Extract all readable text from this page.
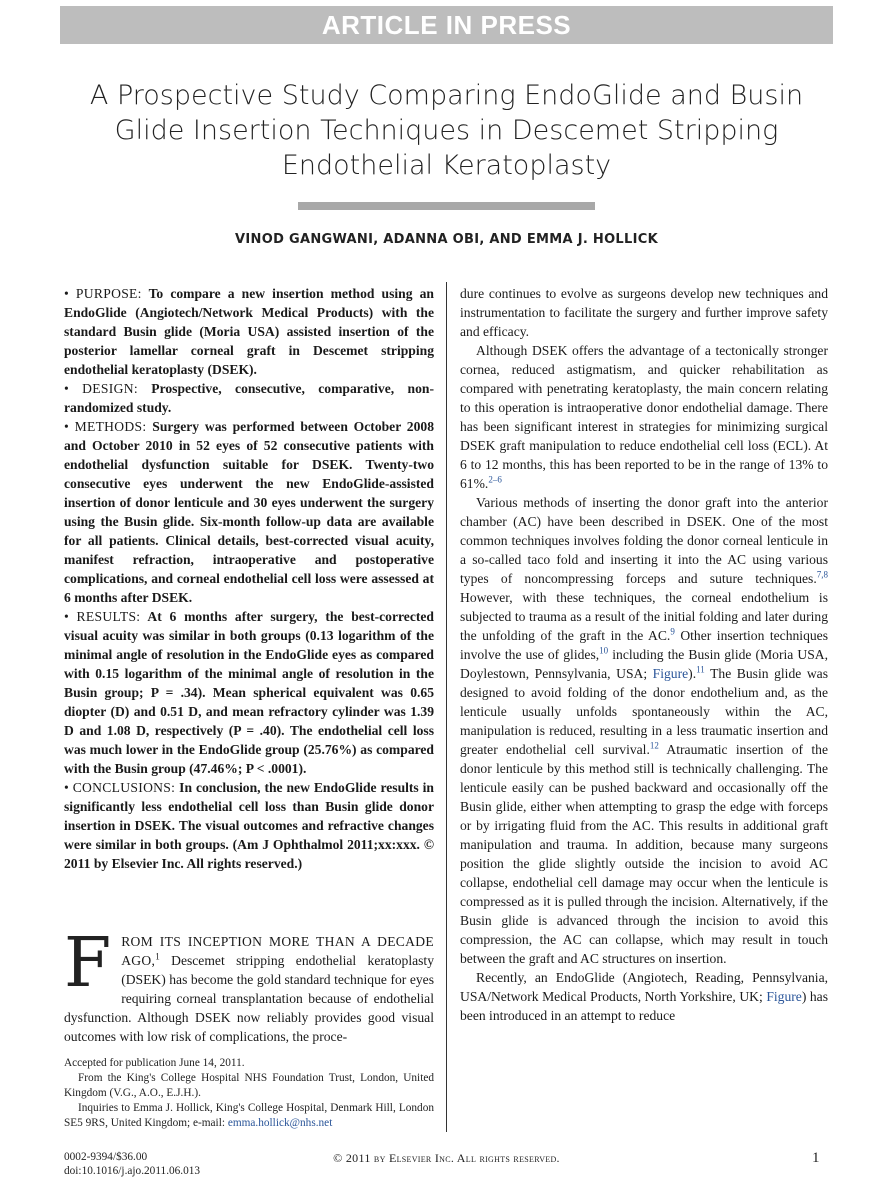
ARTICLE IN PRESS
A Prospective Study Comparing EndoGlide and Busin
Glide Insertion Techniques in Descemet Stripping
Endothelial Keratoplasty
VINOD GANGWANI, ADANNA OBI, AND EMMA J. HOLLICK

• PURPOSE: To compare a new insertion method using an EndoGlide (Angiotech/Network Medical Products) with the standard Busin glide (Moria USA) assisted insertion of the posterior lamellar corneal graft in Descemet stripping endothelial keratoplasty (DSEK).

• DESIGN: Prospective, consecutive, comparative, non-randomized study.

• METHODS: Surgery was performed between October 2008 and October 2010 in 52 eyes of 52 consecutive patients with endothelial dysfunction suitable for DSEK. Twenty-two consecutive eyes underwent the new EndoGlide-assisted insertion of donor lenticule and 30 eyes underwent the surgery using the Busin glide. Six-month follow-up data are available for all patients. Clinical details, best-corrected visual acuity, manifest refraction, intraoperative and postoperative complications, and corneal endothelial cell loss were assessed at 6 months after DSEK.

• RESULTS: At 6 months after surgery, the best-corrected visual acuity was similar in both groups (0.13 logarithm of the minimal angle of resolution in the EndoGlide eyes as compared with 0.15 logarithm of the minimal angle of resolution in the Busin group; P = .34). Mean spherical equivalent was 0.65 diopter (D) and 0.51 D, and mean refractory cylinder was 1.39 D and 1.08 D, respectively (P = .40). The endothelial cell loss was much lower in the EndoGlide group (25.76%) as compared with the Busin group (47.46%; P < .0001).

• CONCLUSIONS: In conclusion, the new EndoGlide results in significantly less endothelial cell loss than Busin glide donor insertion in DSEK. The visual outcomes and refractive changes were similar in both groups. (Am J Ophthalmol 2011;xx:xxx. © 2011 by Elsevier Inc. All rights reserved.)

FROM ITS INCEPTION MORE THAN A DECADE AGO,$^1$ Descemet stripping endothelial keratoplasty (DSEK) has become the gold standard technique for eyes requiring corneal transplantation because of endothelial dysfunction. Although DSEK now reliably provides good visual outcomes with low risk of complications, the proce-

Accepted for publication June 14, 2011.

From the King's College Hospital NHS Foundation Trust, London, United Kingdom (V.G., A.O., E.J.H.).

Inquiries to Emma J. Hollick, King's College Hospital, Denmark Hill, London SE5 9RS, United Kingdom; e-mail: emma.hollick@nhs.net

dure continues to evolve as surgeons develop new techniques and instrumentation to facilitate the surgery and further improve safety and efficacy.

Although DSEK offers the advantage of a tectonically stronger cornea, reduced astigmatism, and quicker rehabilitation as compared with penetrating keratoplasty, the main concern relating to this operation is intraoperative donor endothelial damage. There has been significant interest in strategies for minimizing surgical DSEK graft manipulation to reduce endothelial cell loss (ECL). At 6 to 12 months, this has been reported to be in the range of 13% to 61%.$^{2-6}$

Various methods of inserting the donor graft into the anterior chamber (AC) have been described in DSEK. One of the most common techniques involves folding the donor corneal lenticule in a so-called taco fold and inserting it into the AC using various types of noncompressing forceps and suture techniques.$^{7,8}$ However, with these techniques, the corneal endothelium is subjected to trauma as a result of the initial folding and later during the unfolding of the graft in the AC.$^9$ Other insertion techniques involve the use of glides,$^{10}$ including the Busin glide (Moria USA, Doylestown, Pennsylvania, USA; Figure).$^{11}$ The Busin glide was designed to avoid folding of the donor endothelium and, as the lenticule usually unfolds spontaneously within the AC, manipulation is reduced, resulting in a less traumatic insertion and greater endothelial cell survival.$^{12}$ Atraumatic insertion of the donor lenticule by this method still is technically challenging. The lenticule easily can be pushed backward and occasionally off the Busin glide, either when attempting to grasp the edge with forceps or by irrigating fluid from the AC. This results in additional graft manipulation and trauma. In addition, because many surgeons position the glide slightly outside the incision to avoid AC collapse, endothelial cell damage may occur when the lenticule is compressed as it is pulled through the incision. Alternatively, if the Busin glide is advanced through the incision to avoid this compression, the AC can collapse, which may result in touch between the graft and AC structures on insertion.

Recently, an EndoGlide (Angiotech, Reading, Pennsylvania, USA/Network Medical Products, North Yorkshire, UK; Figure) has been introduced in an attempt to reduce

0002-9394/$36.00
doi:10.1016/j.ajo.2011.06.013
© 2011 by Elsevier Inc. All rights reserved.	1
